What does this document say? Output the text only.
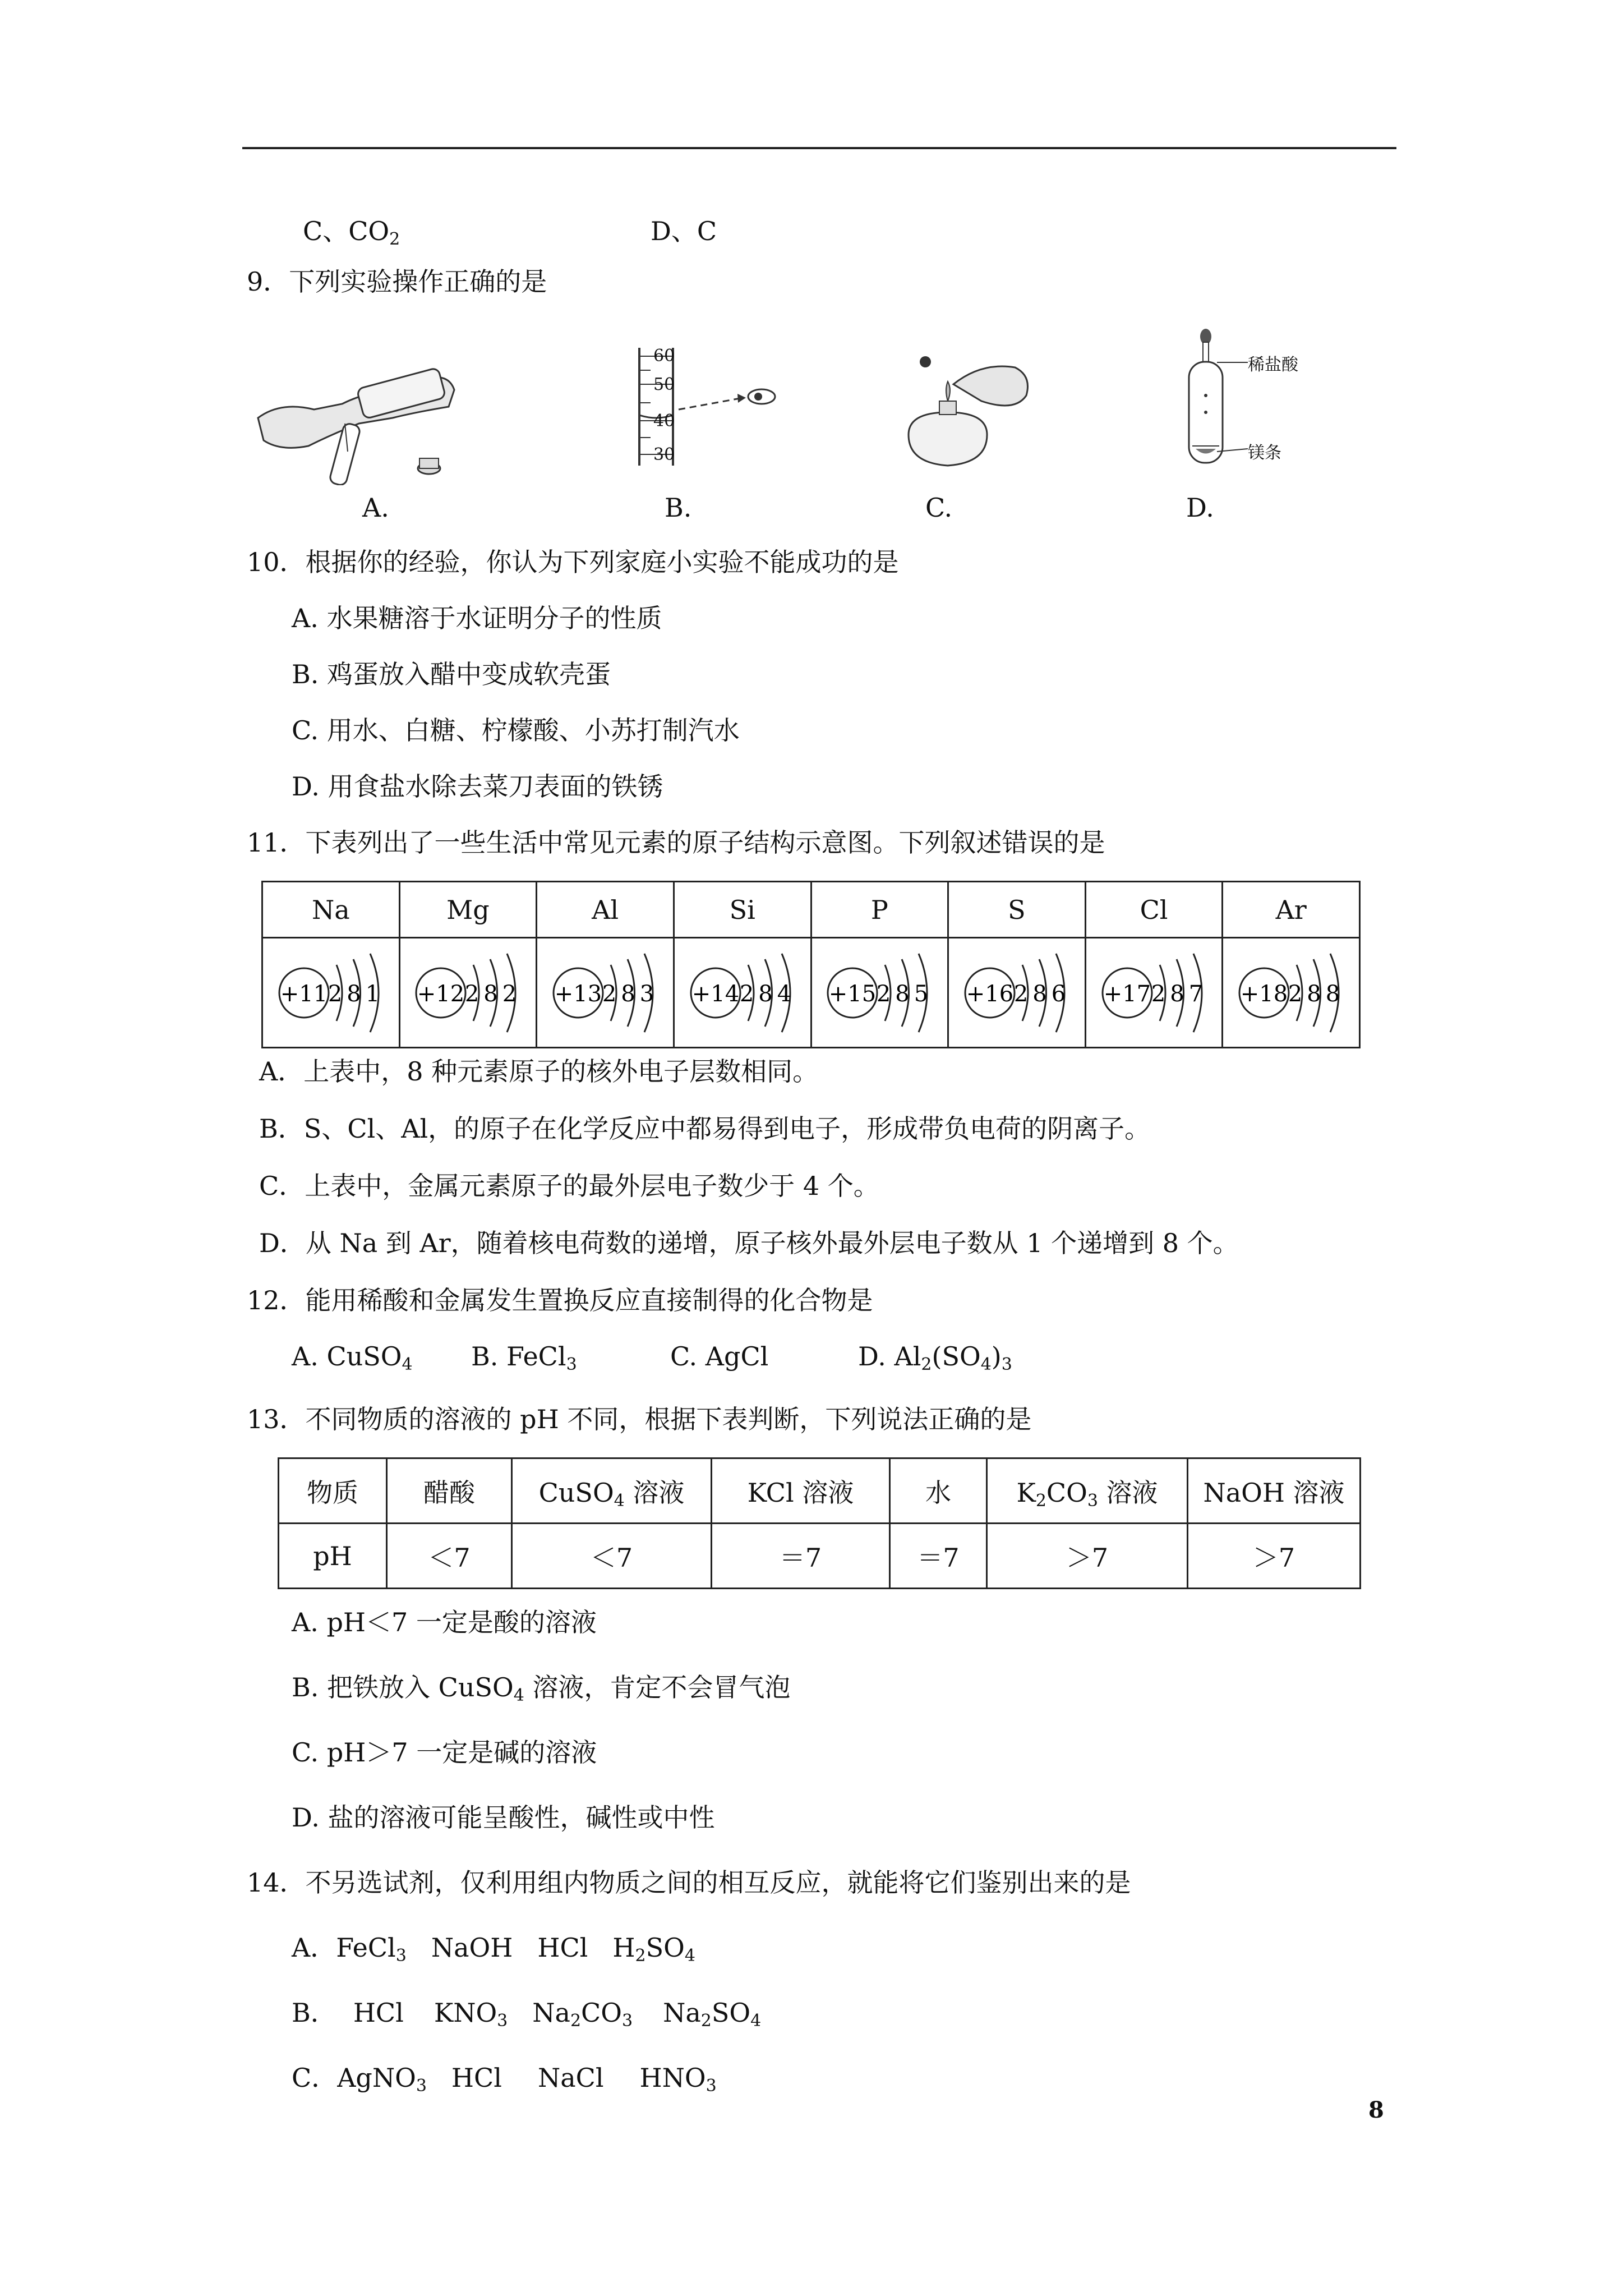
C、$CO_2$	D、C
9．下列实验操作正确的是
60
50
40
30
稀盐酸
镁条
A.	B.	C.	D.
10．根据你的经验，你认为下列家庭小实验不能成功的是
A. 水果糖溶于水证明分子的性质
B. 鸡蛋放入醋中变成软壳蛋
C. 用水、白糖、柠檬酸、小苏打制汽水
D. 用食盐水除去菜刀表面的铁锈
11．下表列出了一些生活中常见元素的原子结构示意图。下列叙述错误的是
Na	Mg	Al	Si	P	S	Cl	Ar

+11 281	+12 282	+13 283	+14 284	+15 285	+16 286	+17 287	+18 288
A．上表中，8 种元素原子的核外电子层数相同。
B．S、Cl、Al，的原子在化学反应中都易得到电子，形成带负电荷的阴离子。
C．上表中，金属元素原子的最外层电子数少于 4 个。
D．从 Na 到 Ar，随着核电荷数的递增，原子核外最外层电子数从 1 个递增到 8 个。
12．能用稀酸和金属发生置换反应直接制得的化合物是
A. CuSO$_4$ B. FeCl$_3$	C. AgCl	D. $Al_2(SO_4)_3$
13．不同物质的溶液的 pH 不同，根据下表判断，下列说法正确的是
物质	醋酸	CuSO$_4$ 溶液	KCl 溶液	水	$K_2CO_3$ 溶液	NaOH 溶液
pH	＜7	＜7	＝7	＝7	＞7	＞7
A. pH＜7 一定是酸的溶液
B. 把铁放入 CuSO$_4$ 溶液，肯定不会冒气泡
C. pH＞7 一定是碱的溶液
D. 盐的溶液可能呈酸性，碱性或中性
14．不另选试剂，仅利用组内物质之间的相互反应，就能将它们鉴别出来的是
A．FeCl$_3$ NaOH HCl $H_2SO_4$
B． HCl $KNO_3$ $Na_2CO_3$ $Na_2SO_4$
C．AgNO$_3$ HCl NaCl $HNO_3$
8
